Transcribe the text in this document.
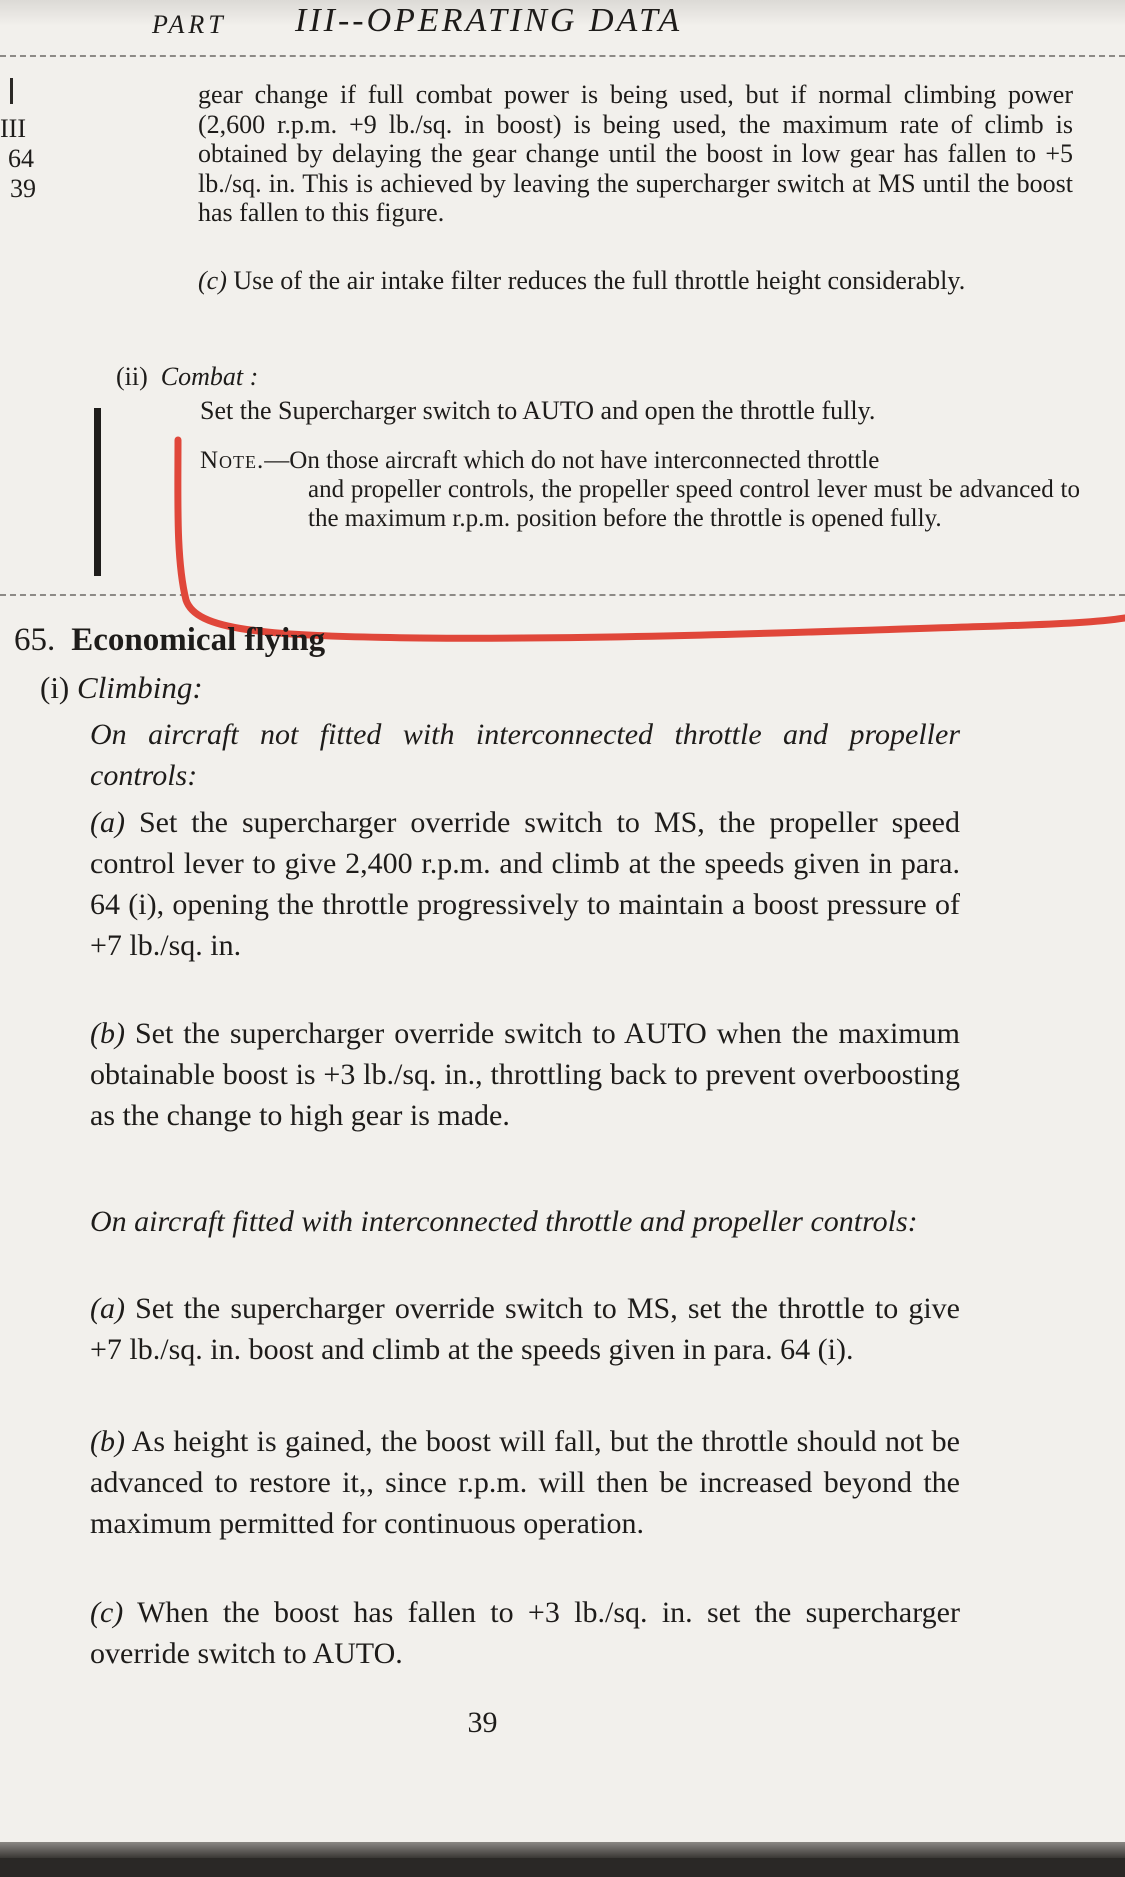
PART III--OPERATING DATA
III
64
39
gear change if full combat power is being used, but if normal climbing power (2,600 r.p.m. +9 lb./sq. in boost) is being used, the maximum rate of climb is obtained by delaying the gear change until the boost in low gear has fallen to +5 lb./sq. in. This is achieved by leaving the supercharger switch at MS until the boost has fallen to this figure.
(c) Use of the air intake filter reduces the full throttle height considerably.
(ii) Combat :
Set the Supercharger switch to AUTO and open the throttle fully.
Note.—On those aircraft which do not have interconnected throttle
and propeller controls, the propeller speed control lever must be advanced to the maximum r.p.m. position before the throttle is opened fully.
65. Economical flying
(i) Climbing:
On aircraft not fitted with interconnected throttle and propeller controls:
(a) Set the supercharger override switch to MS, the propeller speed control lever to give 2,400 r.p.m. and climb at the speeds given in para. 64 (i), opening the throttle progressively to maintain a boost pressure of +7 lb./sq. in.
(b) Set the supercharger override switch to AUTO when the maximum obtainable boost is +3 lb./sq. in., throttling back to prevent overboosting as the change to high gear is made.
On aircraft fitted with interconnected throttle and propeller controls:
(a) Set the supercharger override switch to MS, set the throttle to give +7 lb./sq. in. boost and climb at the speeds given in para. 64 (i).
(b) As height is gained, the boost will fall, but the throttle should not be advanced to restore it,, since r.p.m. will then be increased beyond the maximum permitted for continuous operation.
(c) When the boost has fallen to +3 lb./sq. in. set the supercharger override switch to AUTO.
39
